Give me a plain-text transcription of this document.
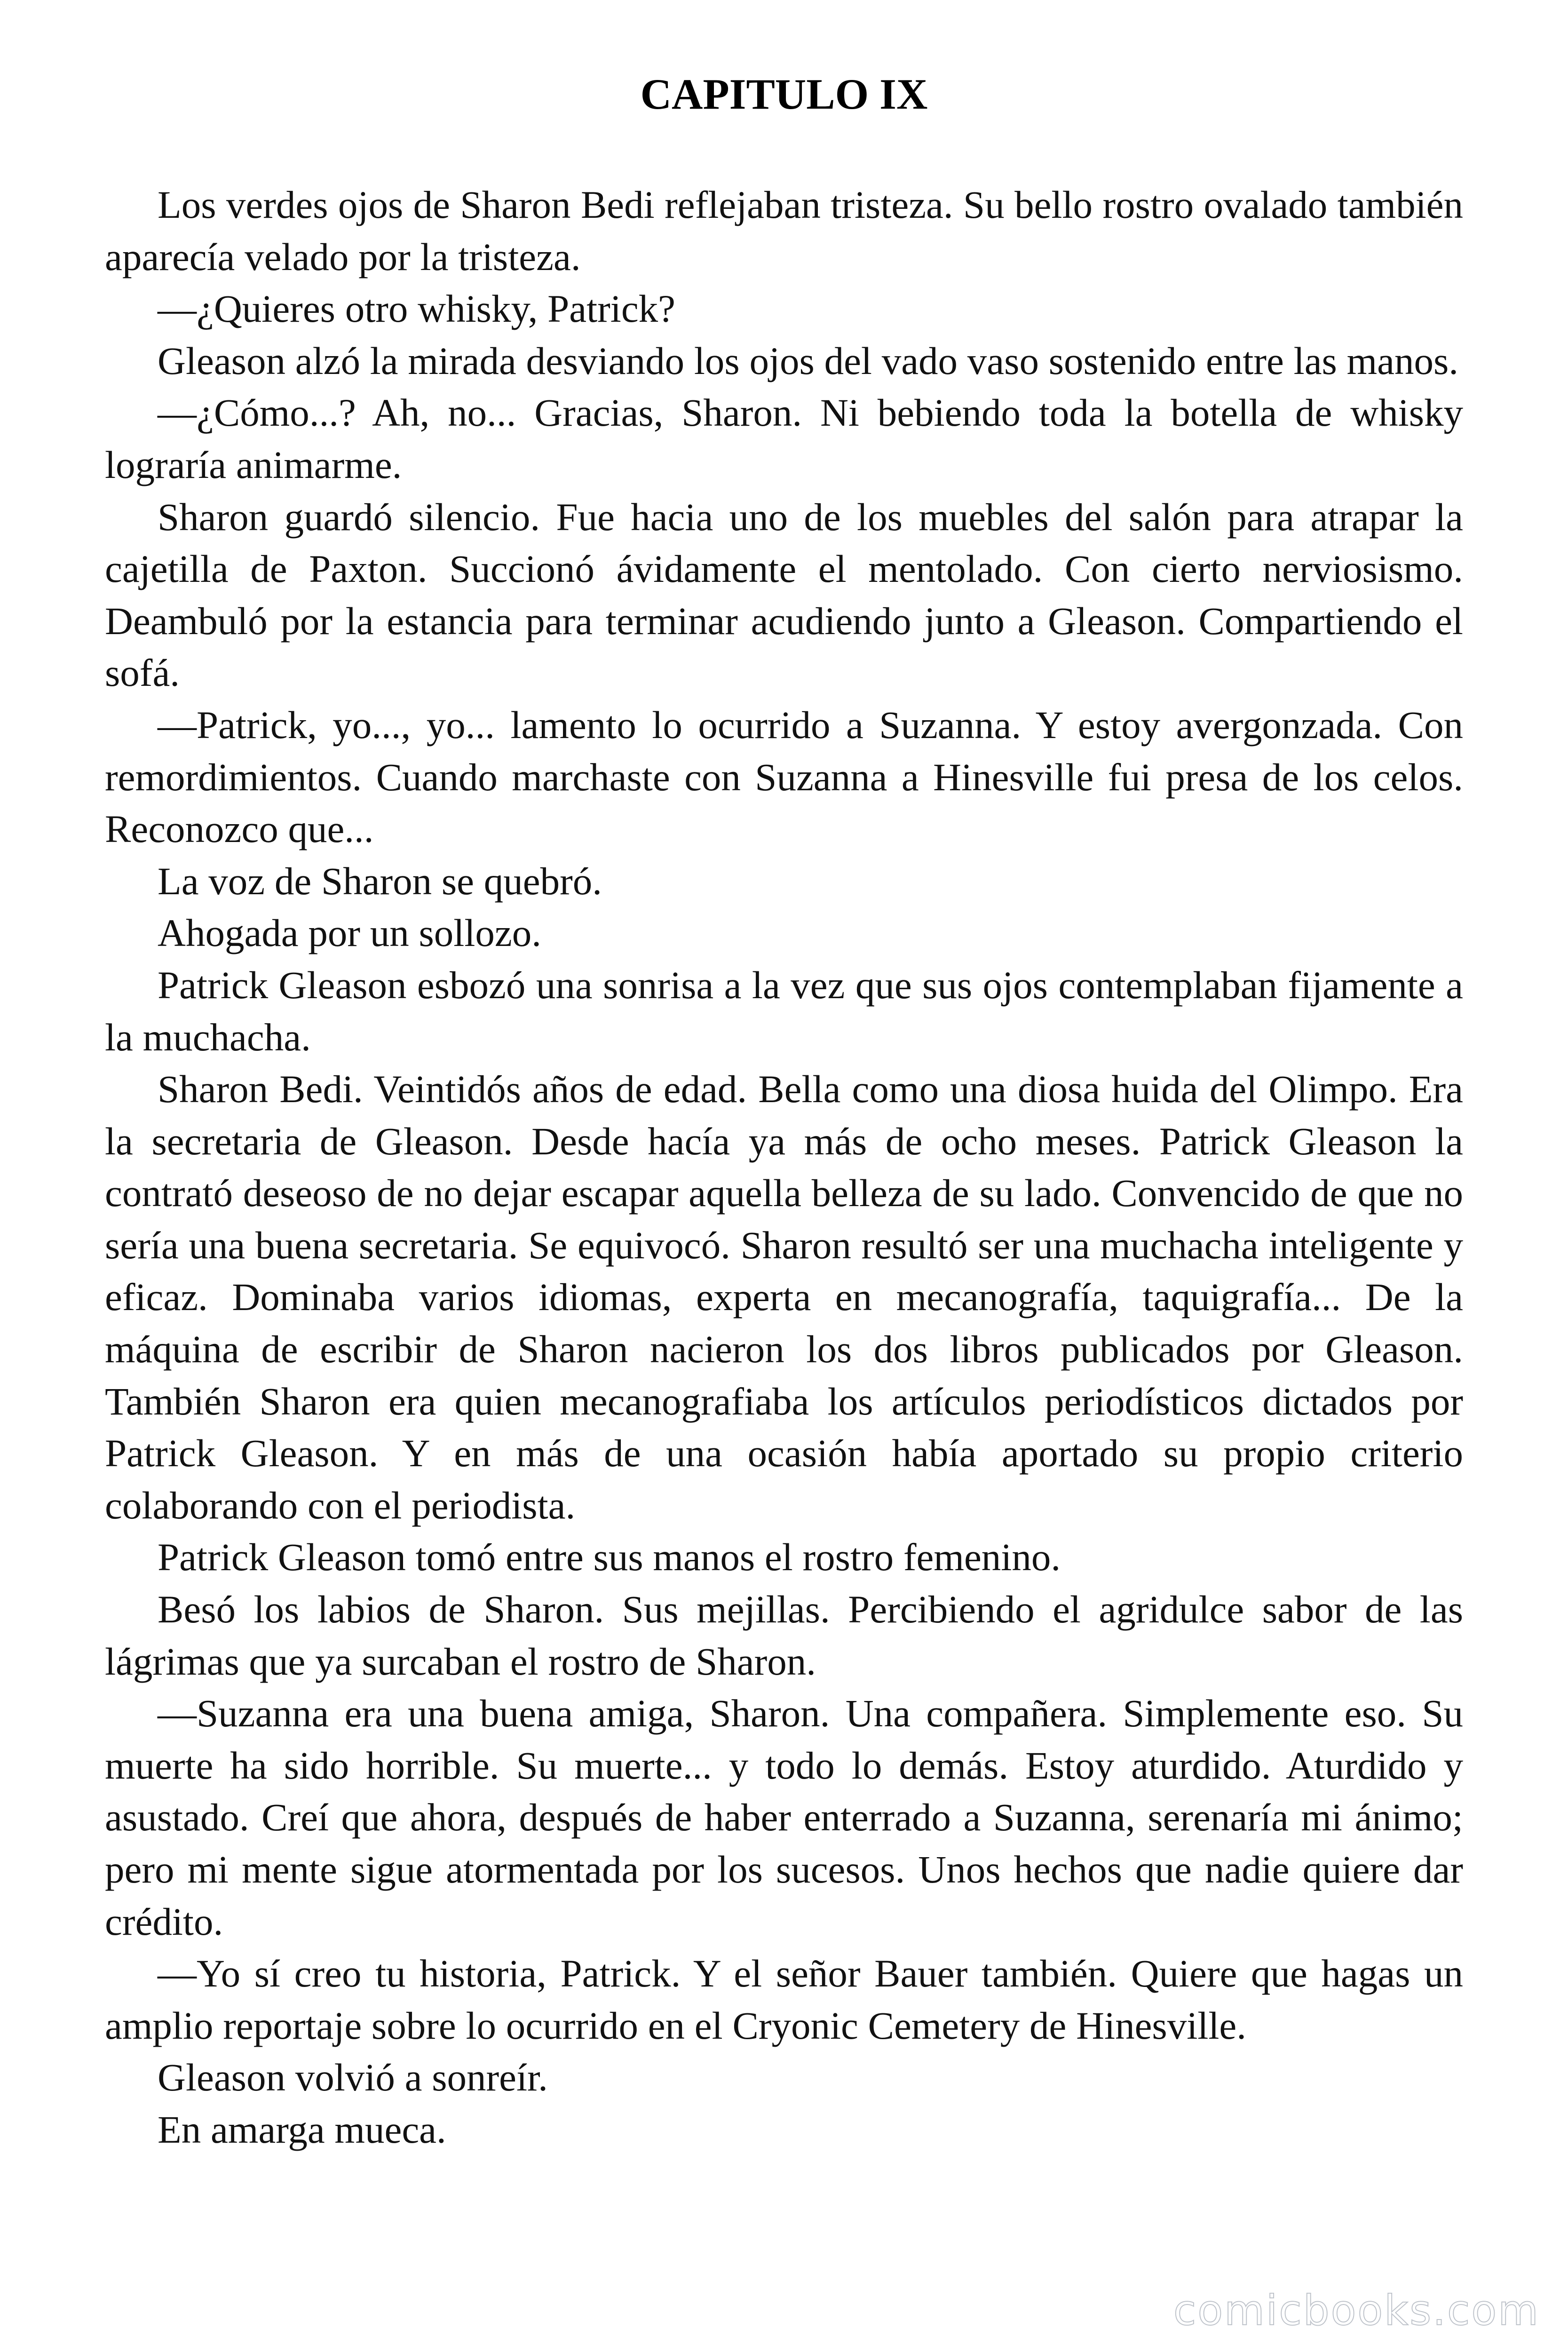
CAPITULO IX

Los verdes ojos de Sharon Bedi reflejaban tristeza. Su bello rostro ovalado también aparecía velado por la tristeza.

—¿Quieres otro whisky, Patrick?

Gleason alzó la mirada desviando los ojos del vado vaso sostenido entre las manos.

—¿Cómo...? Ah, no... Gracias, Sharon. Ni bebiendo toda la botella de whisky lograría animarme.

Sharon guardó silencio. Fue hacia uno de los muebles del salón para atrapar la cajetilla de Paxton. Succionó ávidamente el mentolado. Con cierto nerviosismo. Deambuló por la estancia para terminar acudiendo junto a Gleason. Compartiendo el sofá.

—Patrick, yo..., yo... lamento lo ocurrido a Suzanna. Y estoy avergonzada. Con remordimientos. Cuando marchaste con Suzanna a Hinesville fui presa de los celos. Reconozco que...

La voz de Sharon se quebró.

Ahogada por un sollozo.

Patrick Gleason esbozó una sonrisa a la vez que sus ojos contemplaban fijamente a la muchacha.

Sharon Bedi. Veintidós años de edad. Bella como una diosa huida del Olimpo. Era la secretaria de Gleason. Desde hacía ya más de ocho meses. Patrick Gleason la contrató deseoso de no dejar escapar aquella belleza de su lado. Convencido de que no sería una buena secretaria. Se equivocó. Sharon resultó ser una muchacha inteligente y eficaz. Dominaba varios idiomas, experta en mecanografía, taquigrafía... De la máquina de escribir de Sharon nacieron los dos libros publicados por Gleason. También Sharon era quien mecanografiaba los artículos periodísticos dictados por Patrick Gleason. Y en más de una ocasión había aportado su propio criterio colaborando con el periodista.

Patrick Gleason tomó entre sus manos el rostro femenino.

Besó los labios de Sharon. Sus mejillas. Percibiendo el agridulce sabor de las lágrimas que ya surcaban el rostro de Sharon.

—Suzanna era una buena amiga, Sharon. Una compañera. Simplemente eso. Su muerte ha sido horrible. Su muerte... y todo lo demás. Estoy aturdido. Aturdido y asustado. Creí que ahora, después de haber enterrado a Suzanna, serenaría mi ánimo; pero mi mente sigue atormentada por los sucesos. Unos hechos que nadie quiere dar crédito.

—Yo sí creo tu historia, Patrick. Y el señor Bauer también. Quiere que hagas un amplio reportaje sobre lo ocurrido en el Cryonic Cemetery de Hinesville.

Gleason volvió a sonreír.

En amarga mueca.

comicbooks.com
